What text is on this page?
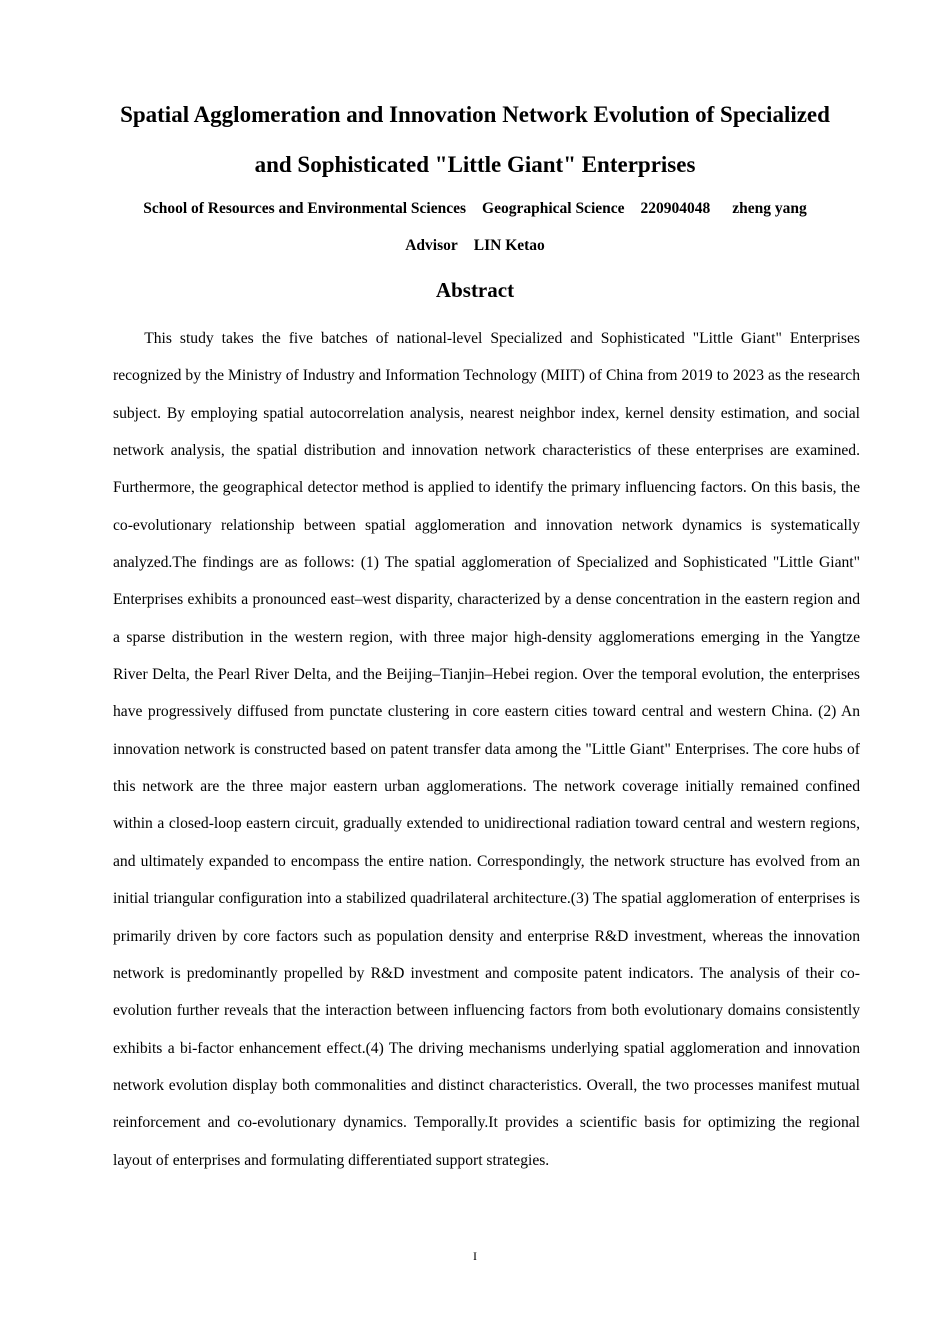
Spatial Agglomeration and Innovation Network Evolution of Specialized
and Sophisticated "Little Giant" Enterprises
School of Resources and Environmental Sciences Geographical Science 220904048 zheng yang
Advisor LIN Ketao
Abstract

This study takes the five batches of national-level Specialized and Sophisticated "Little Giant" Enterprises recognized by the Ministry of Industry and Information Technology (MIIT) of China from 2019 to 2023 as the research subject. By employing spatial autocorrelation analysis, nearest neighbor index, kernel density estimation, and social network analysis, the spatial distribution and innovation network characteristics of these enterprises are examined. Furthermore, the geographical detector method is applied to identify the primary influencing factors. On this basis, the co-evolutionary relationship between spatial agglomeration and innovation network dynamics is systematically analyzed.The findings are as follows: (1) The spatial agglomeration of Specialized and Sophisticated "Little Giant" Enterprises exhibits a pronounced east–west disparity, characterized by a dense concentration in the eastern region and a sparse distribution in the western region, with three major high-density agglomerations emerging in the Yangtze River Delta, the Pearl River Delta, and the Beijing–Tianjin–Hebei region. Over the temporal evolution, the enterprises have progressively diffused from punctate clustering in core eastern cities toward central and western China. (2) An innovation network is constructed based on patent transfer data among the "Little Giant" Enterprises. The core hubs of this network are the three major eastern urban agglomerations. The network coverage initially remained confined within a closed-loop eastern circuit, gradually extended to unidirectional radiation toward central and western regions, and ultimately expanded to encompass the entire nation. Correspondingly, the network structure has evolved from an initial triangular configuration into a stabilized quadrilateral architecture.(3) The spatial agglomeration of enterprises is primarily driven by core factors such as population density and enterprise R&D investment, whereas the innovation network is predominantly propelled by R&D investment and composite patent indicators. The analysis of their co-evolution further reveals that the interaction between influencing factors from both evolutionary domains consistently exhibits a bi-factor enhancement effect.(4) The driving mechanisms underlying spatial agglomeration and innovation network evolution display both commonalities and distinct characteristics. Overall, the two processes manifest mutual reinforcement and co-evolutionary dynamics. Temporally.It provides a scientific basis for optimizing the regional layout of enterprises and formulating differentiated support strategies.

I
